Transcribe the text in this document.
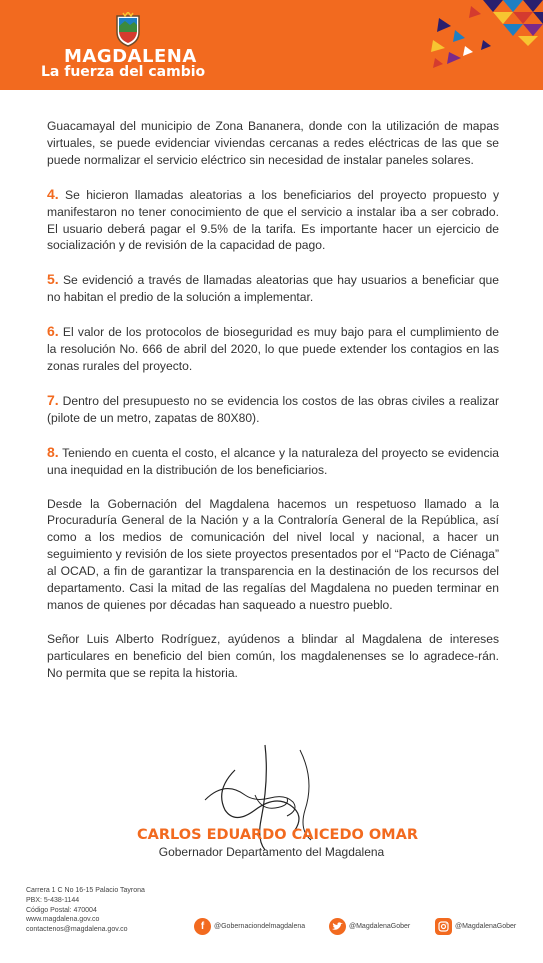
MAGDALENA
La fuerza del cambio

Guacamayal del municipio de Zona Bananera, donde con la utilización de mapas virtuales, se puede evidenciar viviendas cercanas a redes eléctricas de las que se puede normalizar el servicio eléctrico sin necesidad de instalar paneles solares.

4. Se hicieron llamadas aleatorias a los beneficiarios del proyecto propuesto y manifestaron no tener conocimiento de que el servicio a instalar iba a ser cobrado. El usuario deberá pagar el 9.5% de la tarifa. Es importante hacer un ejercicio de socialización y de revisión de la capacidad de pago.

5. Se evidenció a través de llamadas aleatorias que hay usuarios a beneficiar que no habitan el predio de la solución a implementar.

6. El valor de los protocolos de bioseguridad es muy bajo para el cumplimiento de la resolución No. 666 de abril del 2020, lo que puede extender los contagios en las zonas rurales del proyecto.

7. Dentro del presupuesto no se evidencia los costos de las obras civiles a realizar (pilote de un metro, zapatas de 80X80).

8. Teniendo en cuenta el costo, el alcance y la naturaleza del proyecto se evidencia una inequidad en la distribución de los beneficiarios.

Desde la Gobernación del Magdalena hacemos un respetuoso llamado a la Procuraduría General de la Nación y a la Contraloría General de la República, así como a los medios de comunicación del nivel local y nacional, a hacer un seguimiento y revisión de los siete proyectos presentados por el “Pacto de Ciénaga” al OCAD, a fin de garantizar la transparencia en la destinación de los recursos del departamento. Casi la mitad de las regalías del Magdalena no pueden terminar en manos de quienes por décadas han saqueado a nuestro pueblo.

Señor Luis Alberto Rodríguez, ayúdenos a blindar al Magdalena de intereses particulares en beneficio del bien común, los magdalenenses se lo agradece-rán. No permita que se repita la historia.

CARLOS EDUARDO CAICEDO OMAR
Gobernador Departamento del Magdalena
Carrera 1 C No 16-15 Palacio Tayrona
PBX: 5-438-1144
Código Postal: 470004
www.magdalena.gov.co
contactenos@magdalena.gov.co	f	@Gobernaciondelmagdalena	@MagdalenaGober	@MagdalenaGober
